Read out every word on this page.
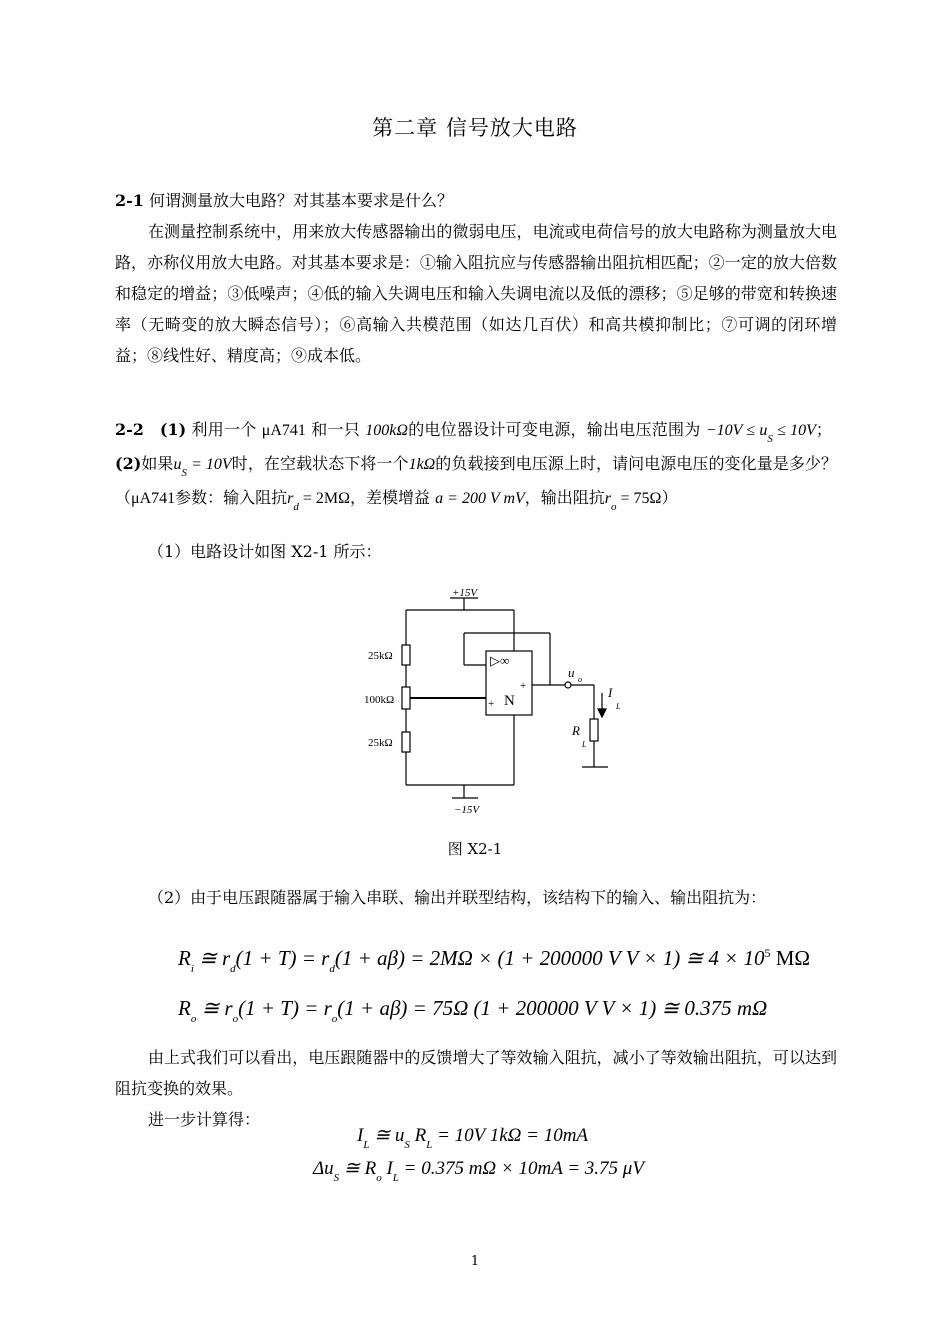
第二章 信号放大电路
2-1 何谓测量放大电路？对其基本要求是什么？
在测量控制系统中，用来放大传感器输出的微弱电压，电流或电荷信号的放大电路称为测量放大电路，亦称仪用放大电路。对其基本要求是：①输入阻抗应与传感器输出阻抗相匹配；②一定的放大倍数和稳定的增益；③低噪声；④低的输入失调电压和输入失调电流以及低的漂移；⑤足够的带宽和转换速率（无畸变的放大瞬态信号）；⑥高输入共模范围（如达几百伏）和高共模抑制比；⑦可调的闭环增益；⑧线性好、精度高；⑨成本低。
2-2 (1) 利用一个 μA741 和一只 100kΩ的电位器设计可变电源，输出电压范围为 $-10V \le u_S \le 10V$；  (2)如果$u_S = 10V$时，在空载状态下将一个1kΩ的负载接到电压源上时，请问电源电压的变化量是多少？（μA741参数：输入阻抗$r_d = 2M\Omega$，差模增益 a = 200 V mV，输出阻抗$r_o = 75\Omega$）
（1）电路设计如图 X2-1 所示：
+15V
25kΩ
100kΩ
25kΩ
−15V
▷∞
N
+
+
u o
I
L
R
L
图 X2-1
（2）由于电压跟随器属于输入串联、输出并联型结构，该结构下的输入、输出阻抗为：
$R_i$ ≅ $r_d(1 + T) = r_d(1 + a\beta) = 2M\Omega \times (1 + 200000$ V V × 1) ≅ $4 \times 10^5$ MΩ
$R_o$ ≅ $r_o(1 + T) = r_o(1 + a\beta) = 75\Omega$ (1 + 200000 V V × 1) ≅ 0.375 mΩ
由上式我们可以看出，电压跟随器中的反馈增大了等效输入阻抗，减小了等效输出阻抗，可以达到阻抗变换的效果。
进一步计算得：
$I_L$ ≅ $u_S$ $R_L = 10V$ 1kΩ = 10mA
$\Delta u_S$ ≅ $R_o$ $I_L = 0.375$ mΩ × 10mA = 3.75 μV
1
